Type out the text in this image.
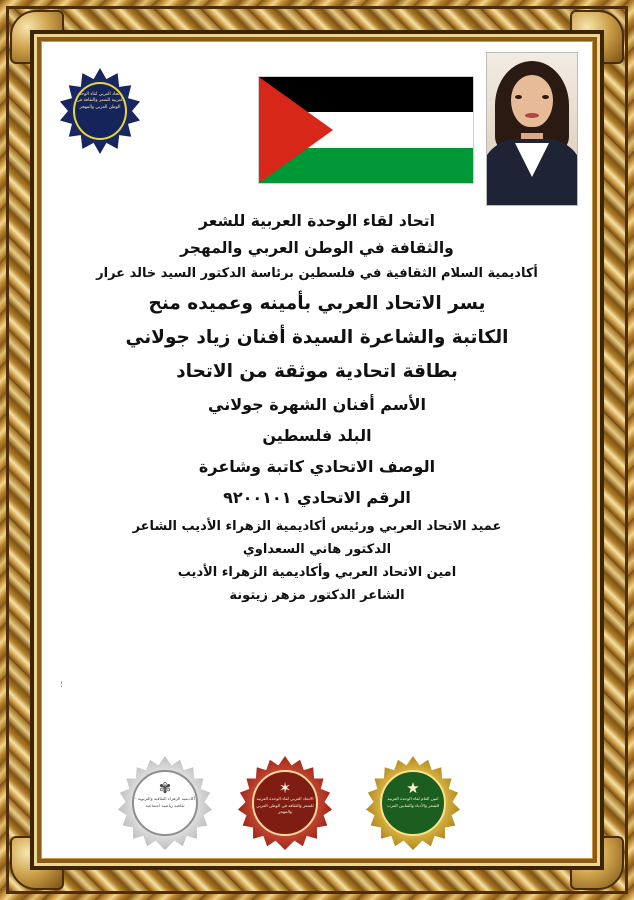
الاتحاد العربي لقاء الوحدة العربية للشعر والثقافة في الوطن العربي والمهجر
اتحاد لقاء الوحدة العربية للشعر
والثقافة في الوطن العربي والمهجر
أكاديمية السلام الثقافية في فلسطين برئاسة الدكتور السيد خالد عرار
يسر الاتحاد العربي بأمينه وعميده منح
الكاتبة والشاعرة السيدة أفنان زياد جولاني
بطاقة اتحادية موثقة من الاتحاد
الأسم أفنان الشهرة جولاني
البلد فلسطين
الوصف الاتحادي كاتبة وشاعرة
الرقم الاتحادي ٩٢٠٠١٠١
عميد الاتحاد العربي ورئيس أكاديمية الزهراء الأديب الشاعر
الدكتور هاني السعداوي
امين الاتحاد العربي وأكاديمية الزهراء الأديب
الشاعر الدكتور مزهر زيتونة
★
امين العام لقاء الوحدة العربية للشعر والأدباء والفنانين العرب
✶
الاتحاد العربي لقاء الوحدة العربية للشعر والثقافة في الوطن العربي والمهجر
✾
أكاديمية الزهراء الثقافية والتربوية - ثقافية رياضية اجتماعية
؛
